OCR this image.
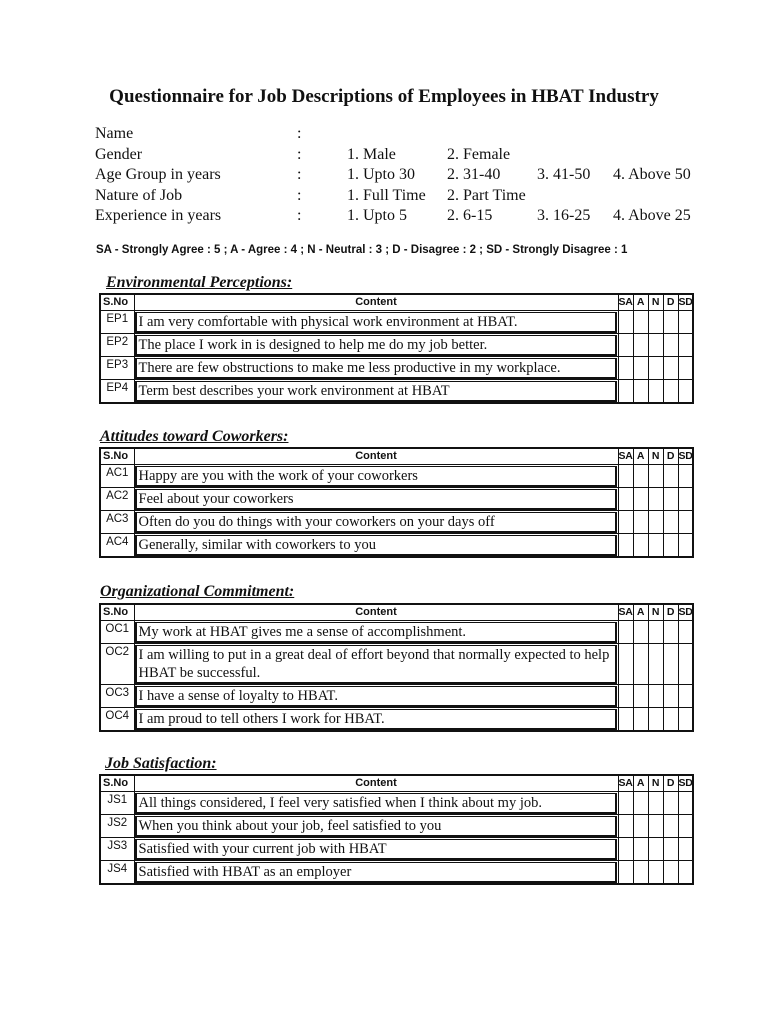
Questionnaire for Job Descriptions of Employees in HBAT Industry
Name	:
Gender	:	1. Male	2. Female
Age Group in years	:	1. Upto 30 2. 31-40 3. 41-50 4. Above 50
Nature of Job	:	1. Full Time 2. Part Time
Experience in years	:	1. Upto 5	2. 6-15	3. 16-25 4. Above 25
SA - Strongly Agree : 5 ; A - Agree : 4 ; N - Neutral : 3 ; D - Disagree : 2 ; SD - Strongly Disagree : 1
Environmental Perceptions:
S.No	Content	SA	A	N	D	SD
EP1	I am very comfortable with physical work environment at HBAT.					

EP2	The place I work in is designed to help me do my job better.					

EP3	There are few obstructions to make me less productive in my workplace.					

EP4	Term best describes your work environment at HBAT					

Attitudes toward Coworkers:
S.No	Content	SA	A	N	D	SD
AC1	Happy are you with the work of your coworkers					

AC2	Feel about your coworkers					

AC3	Often do you do things with your coworkers on your days off					

AC4	Generally, similar with coworkers to you					

Organizational Commitment:
S.No	Content	SA	A	N	D	SD
OC1	My work at HBAT gives me a sense of accomplishment.					

OC2	I am willing to put in a great deal of effort beyond that normally expected to help HBAT be successful.					

OC3	I have a sense of loyalty to HBAT.					

OC4	I am proud to tell others I work for HBAT.					

Job Satisfaction:
S.No	Content	SA	A	N	D	SD
JS1	All things considered, I feel very satisfied when I think about my job.					

JS2	When you think about your job, feel satisfied to you					

JS3	Satisfied with your current job with HBAT					

JS4	Satisfied with HBAT as an employer					
